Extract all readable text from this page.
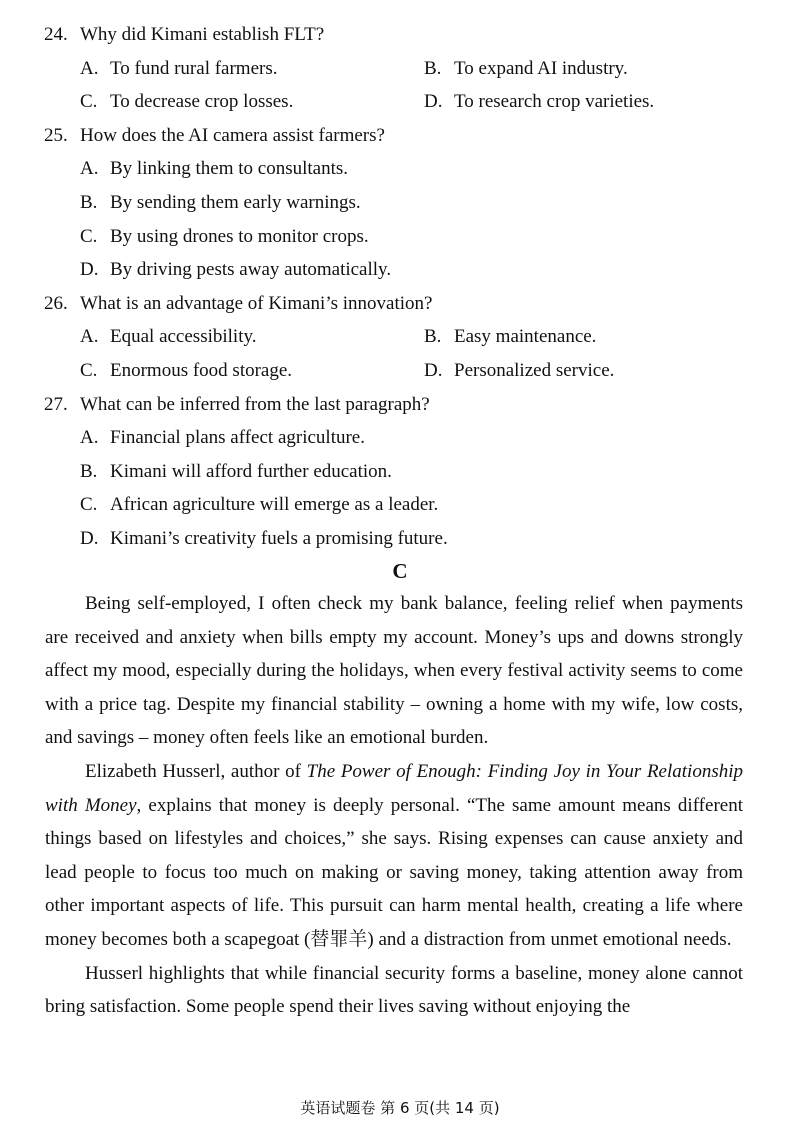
24. Why did Kimani establish FLT?
A. To fund rural farmers.	B. To expand AI industry.
C. To decrease crop losses.	D. To research crop varieties.
25. How does the AI camera assist farmers?
A. By linking them to consultants.
B. By sending them early warnings.
C. By using drones to monitor crops.
D. By driving pests away automatically.
26. What is an advantage of Kimani’s innovation?
A. Equal accessibility.	B. Easy maintenance.
C. Enormous food storage.	D. Personalized service.
27. What can be inferred from the last paragraph?
A. Financial plans affect agriculture.
B. Kimani will afford further education.
C. African agriculture will emerge as a leader.
D. Kimani’s creativity fuels a promising future.
C

Being self-employed, I often check my bank balance, feeling relief when payments are received and anxiety when bills empty my account. Money’s ups and downs strongly affect my mood, especially during the holidays, when every festival activity seems to come with a price tag. Despite my financial stability – owning a home with my wife, low costs, and savings – money often feels like an emotional burden.

Elizabeth Husserl, author of The Power of Enough: Finding Joy in Your Relationship with Money, explains that money is deeply personal. “The same amount means different things based on lifestyles and choices,” she says. Rising expenses can cause anxiety and lead people to focus too much on making or saving money, taking attention away from other important aspects of life. This pursuit can harm mental health, creating a life where money becomes both a scapegoat (替罪羊) and a distraction from unmet emotional needs.

Husserl highlights that while financial security forms a baseline, money alone cannot bring satisfaction. Some people spend their lives saving without enjoying the

英语试题卷 第 6 页(共 14 页)
